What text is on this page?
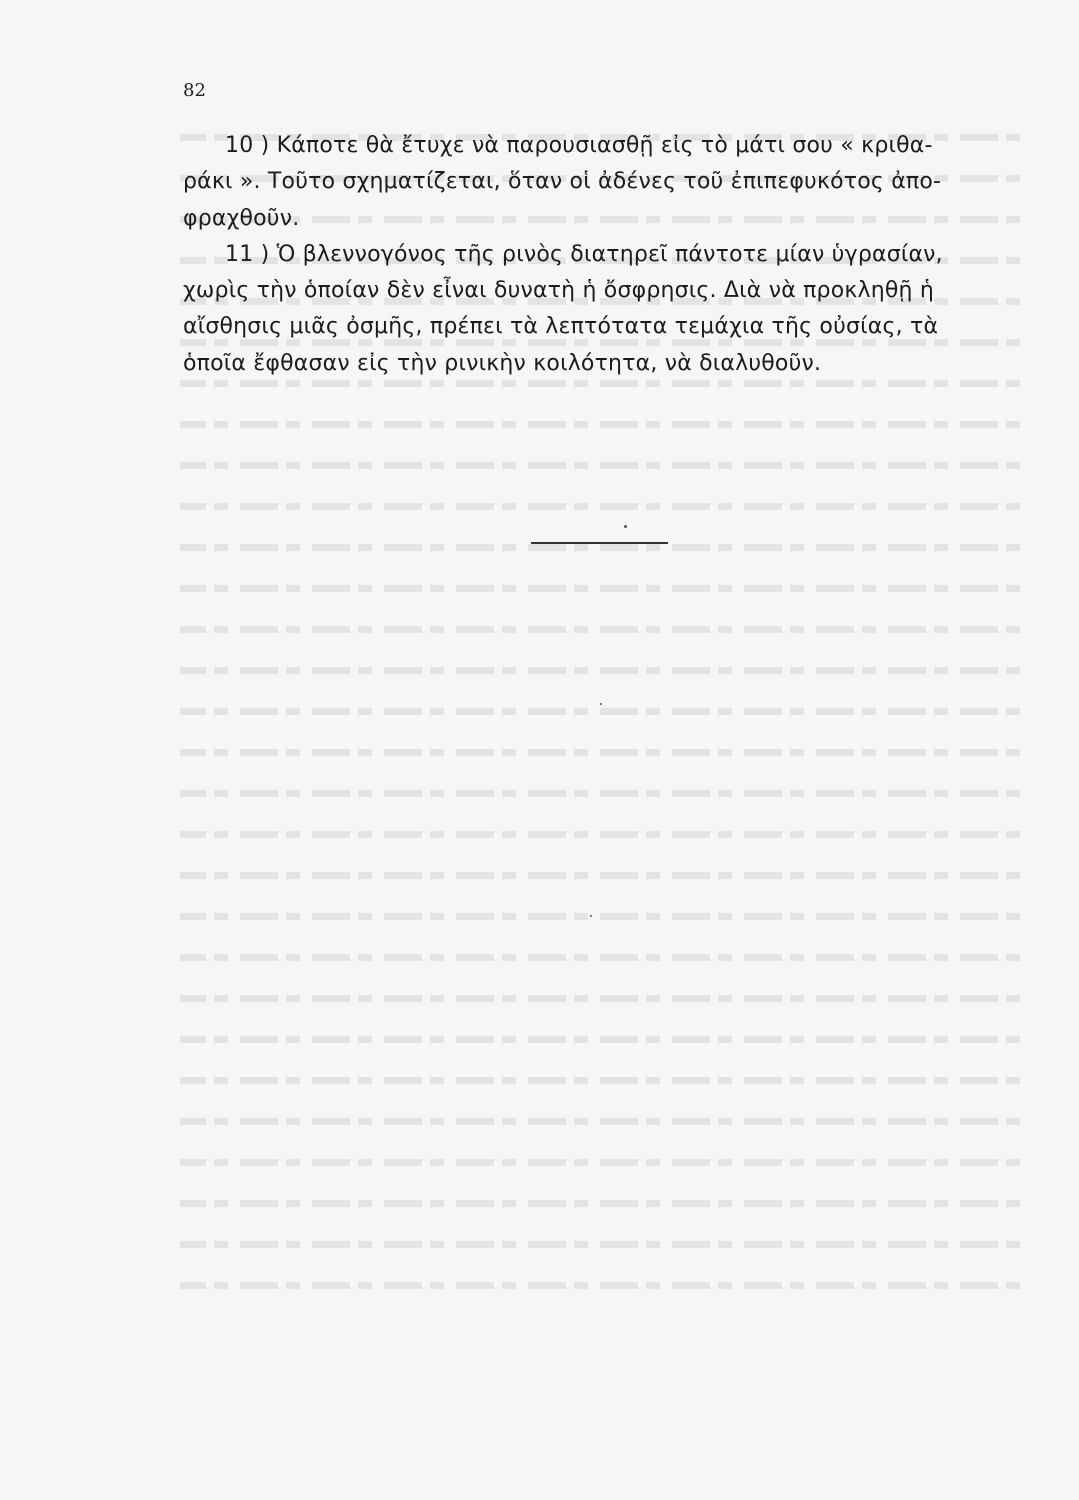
82

10 ) Κάποτε θὰ ἔτυχε νὰ παρουσιασθῇ εἰς τὸ μάτι σου « κριθα-
ράκι ». Τοῦτο σχηματίζεται, ὅταν οἱ ἀδένες τοῦ ἐπιπεφυκότος ἀπο-
φραχθοῦν.

11 ) Ὁ βλεννογόνος τῆς ρινὸς διατηρεῖ πάντοτε μίαν ὑγρασίαν,
χωρὶς τὴν ὁποίαν δὲν εἶναι δυνατὴ ἡ ὄσφρησις. Διὰ νὰ προκληθῇ ἡ
αἴσθησις μιᾶς ὀσμῆς, πρέπει τὰ λεπτότατα τεμάχια τῆς οὐσίας, τὰ
ὁποῖα ἔφθασαν εἰς τὴν ρινικὴν κοιλότητα, νὰ διαλυθοῦν.
